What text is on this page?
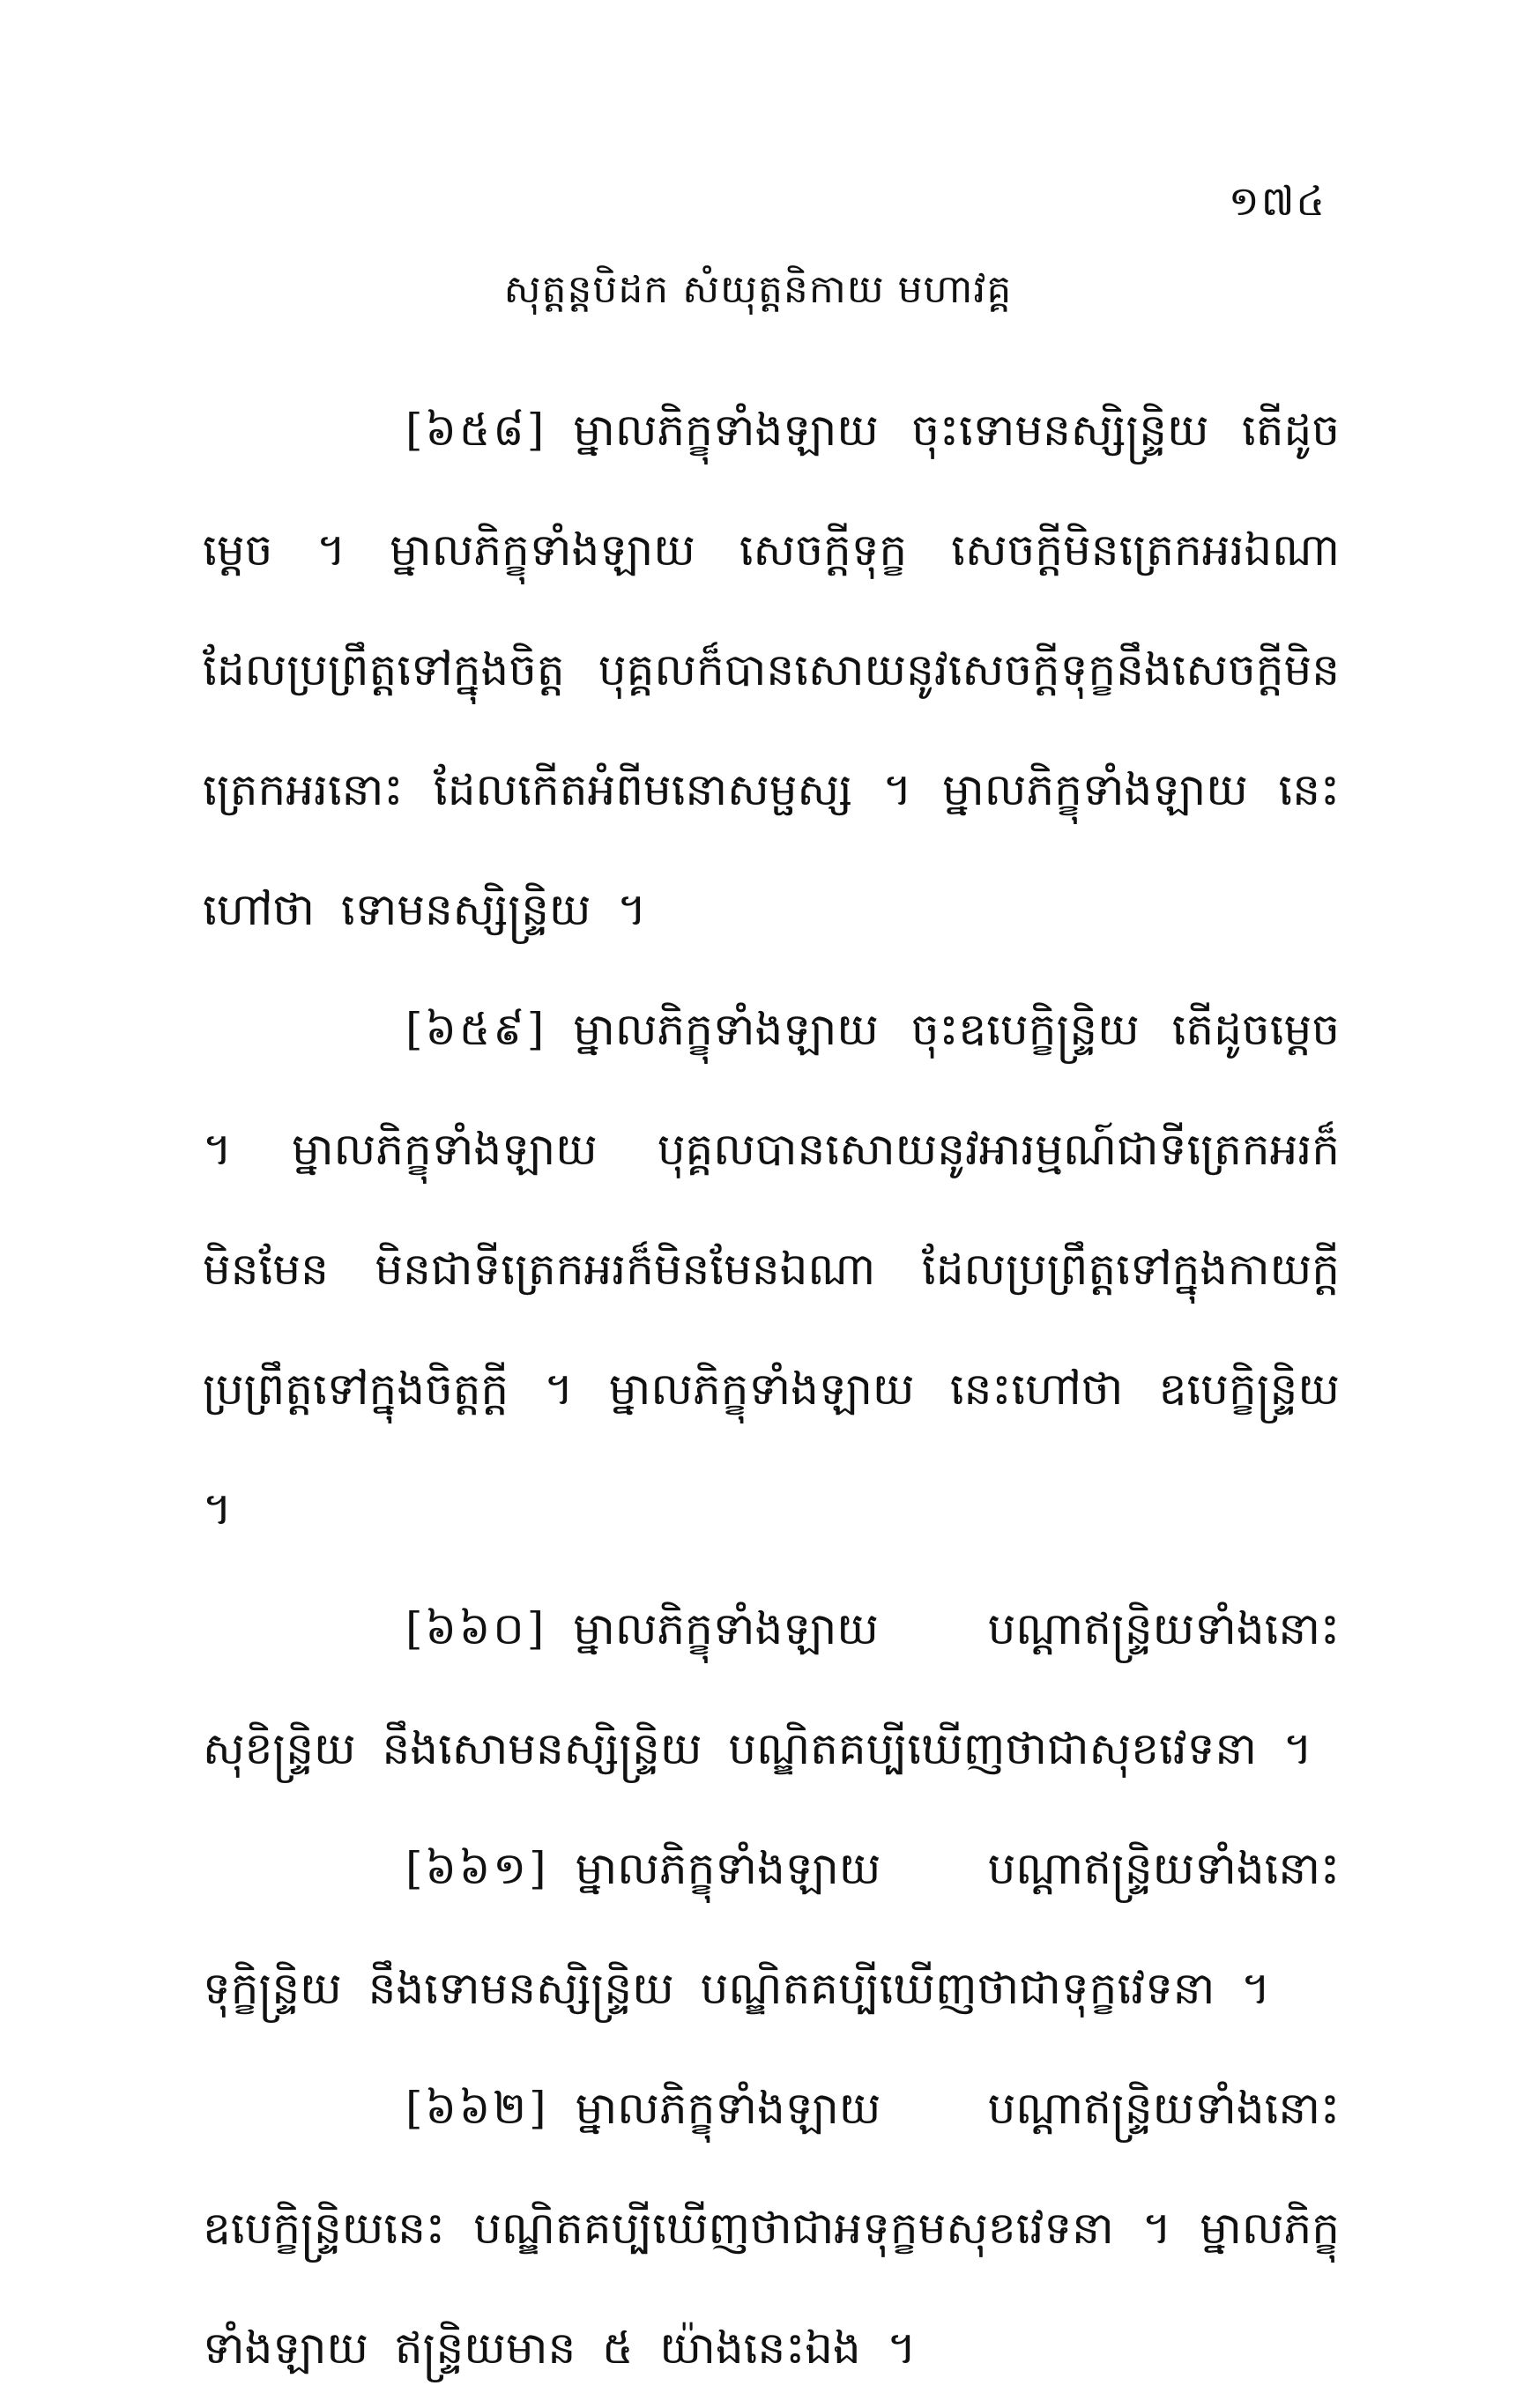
១៧៤
សុត្តន្តបិដក សំយុត្តនិកាយ មហាវគ្គ

[៦៥៨] ម្នាលភិក្ខុទាំងឡាយ ចុះទោមនស្សិន្ទ្រិយ តើដូចម្តេច ។ ម្នាលភិក្ខុទាំងឡាយ សេចក្តីទុក្ខ សេចក្តីមិនត្រេកអរឯណា ដែលប្រព្រឹត្តទៅក្នុងចិត្ត បុគ្គលក៏បានសោយនូវសេចក្តីទុក្ខនឹងសេចក្តីមិនត្រេកអរនោះ ដែលកើតអំពីមនោសម្ផស្ស ។ ម្នាលភិក្ខុទាំងឡាយ នេះហៅថា ទោមនស្សិន្ទ្រិយ ។

[៦៥៩] ម្នាលភិក្ខុទាំងឡាយ ចុះឧបេក្ខិន្ទ្រិយ តើដូចម្តេច ។ ម្នាលភិក្ខុទាំងឡាយ បុគ្គលបានសោយនូវអារម្មណ៍ជាទីត្រេកអរក៏មិនមែន មិនជាទីត្រេកអរក៏មិនមែនឯណា ដែលប្រព្រឹត្តទៅក្នុងកាយក្តី ប្រព្រឹត្តទៅក្នុងចិត្តក្តី ។ ម្នាលភិក្ខុទាំងឡាយ នេះហៅថា ឧបេក្ខិន្ទ្រិយ ។

[៦៦០] ម្នាលភិក្ខុទាំងឡាយ បណ្តាឥន្ទ្រិយទាំងនោះ សុខិន្ទ្រិយ នឹងសោមនស្សិន្ទ្រិយ បណ្ឌិតគប្បីឃើញថាជាសុខវេទនា ។

[៦៦១] ម្នាលភិក្ខុទាំងឡាយ បណ្តាឥន្ទ្រិយទាំងនោះ ទុក្ខិន្ទ្រិយ នឹងទោមនស្សិន្ទ្រិយ បណ្ឌិតគប្បីឃើញថាជាទុក្ខវេទនា ។

[៦៦២] ម្នាលភិក្ខុទាំងឡាយ បណ្តាឥន្ទ្រិយទាំងនោះ ឧបេក្ខិន្ទ្រិយនេះ បណ្ឌិតគប្បីឃើញថាជាអទុក្ខមសុខវេទនា ។ ម្នាលភិក្ខុទាំងឡាយ ឥន្ទ្រិយមាន ៥ យ៉ាងនេះឯង ។
